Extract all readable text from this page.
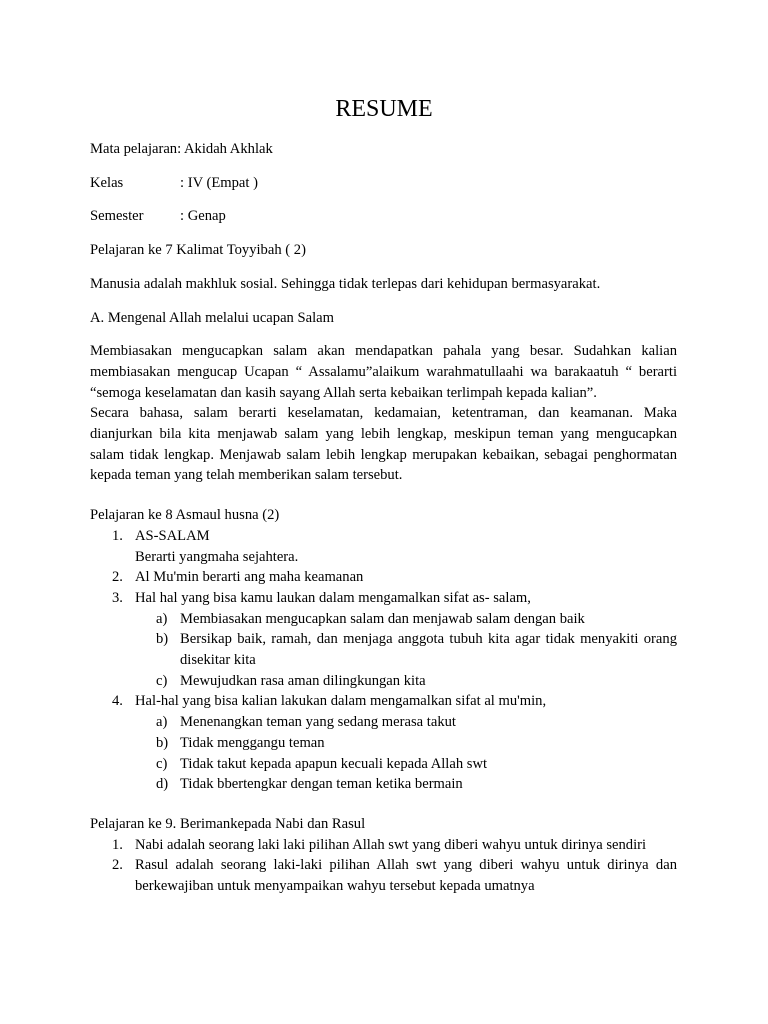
RESUME

Mata pelajaran: Akidah Akhlak

Kelas	: IV (Empat )
Semester	: Genap

Pelajaran ke 7 Kalimat Toyyibah ( 2)

Manusia adalah makhluk sosial. Sehingga tidak terlepas dari kehidupan bermasyarakat.

A. Mengenal Allah melalui ucapan Salam

Membiasakan mengucapkan salam akan mendapatkan pahala yang besar. Sudahkan kalian membiasakan mengucap Ucapan “ Assalamu”alaikum warahmatullaahi wa barakaatuh “ berarti “semoga keselamatan dan kasih sayang Allah serta kebaikan terlimpah kepada kalian”.

Secara bahasa, salam berarti keselamatan, kedamaian, ketentraman, dan keamanan. Maka dianjurkan bila kita menjawab salam yang lebih lengkap, meskipun teman yang mengucapkan salam tidak lengkap. Menjawab salam lebih lengkap merupakan kebaikan, sebagai penghormatan kepada teman yang telah memberikan salam tersebut.

Pelajaran ke 8 Asmaul husna (2)

1. AS-SALAM
Berarti yangmaha sejahtera.
2. Al Mu'min berarti ang maha keamanan
3. Hal hal yang bisa kamu laukan dalam mengamalkan sifat as- salam,
a) Membiasakan mengucapkan salam dan menjawab salam dengan baik
b) Bersikap baik, ramah, dan menjaga anggota tubuh kita agar tidak menyakiti orang disekitar kita
c) Mewujudkan rasa aman dilingkungan kita
4. Hal-hal yang bisa kalian lakukan dalam mengamalkan sifat al mu'min,
a) Menenangkan teman yang sedang merasa takut
b) Tidak menggangu teman
c) Tidak takut kepada apapun kecuali kepada Allah swt
d) Tidak bbertengkar dengan teman ketika bermain

Pelajaran ke 9. Berimankepada Nabi dan Rasul

1. Nabi adalah seorang laki laki pilihan Allah swt yang diberi wahyu untuk dirinya sendiri
2. Rasul adalah seorang laki-laki pilihan Allah swt yang diberi wahyu untuk dirinya dan berkewajiban untuk menyampaikan wahyu tersebut kepada umatnya
